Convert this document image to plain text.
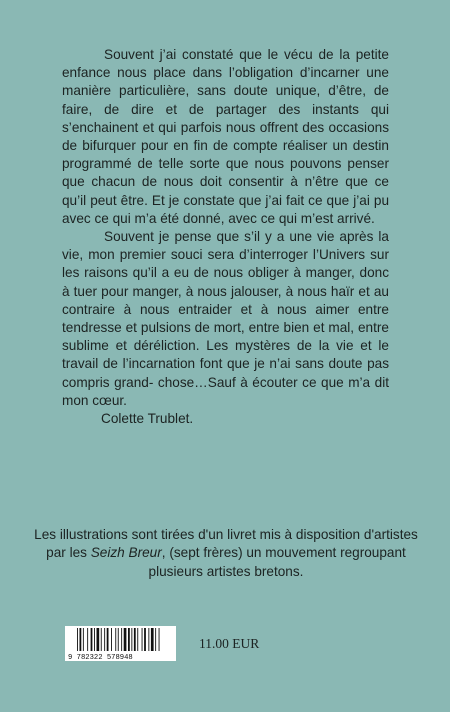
Souvent j’ai constaté que le vécu de la petite enfance nous place dans l’obligation d’incarner une manière particulière, sans doute unique, d’être, de faire, de dire et de partager des instants qui s’enchainent et qui parfois nous offrent des occasions de bifurquer pour en fin de compte réaliser un destin programmé de telle sorte que nous pouvons penser que chacun de nous doit consentir à n’être que ce qu’il peut être. Et je constate que j’ai fait ce que j’ai pu avec ce qui m’a été donné, avec ce qui m’est arrivé.

Souvent je pense que s’il y a une vie après la vie, mon premier souci sera d’interroger l’Univers sur les raisons qu’il a eu de nous obliger à manger, donc à tuer pour manger, à nous jalouser, à nous haïr et au contraire à nous entraider et à nous aimer entre tendresse et pulsions de mort, entre bien et mal, entre sublime et déréliction. Les mystères de la vie et le travail de l’incarnation font que je n’ai sans doute pas compris grand- chose…Sauf à écouter ce que m’a dit mon cœur.

Colette Trublet.

Les illustrations sont tirées d'un livret mis à disposition d'artistes par les Seizh Breur, (sept frères) un mouvement regroupant plusieurs artistes bretons.
9 782322 578948
11.00 EUR
